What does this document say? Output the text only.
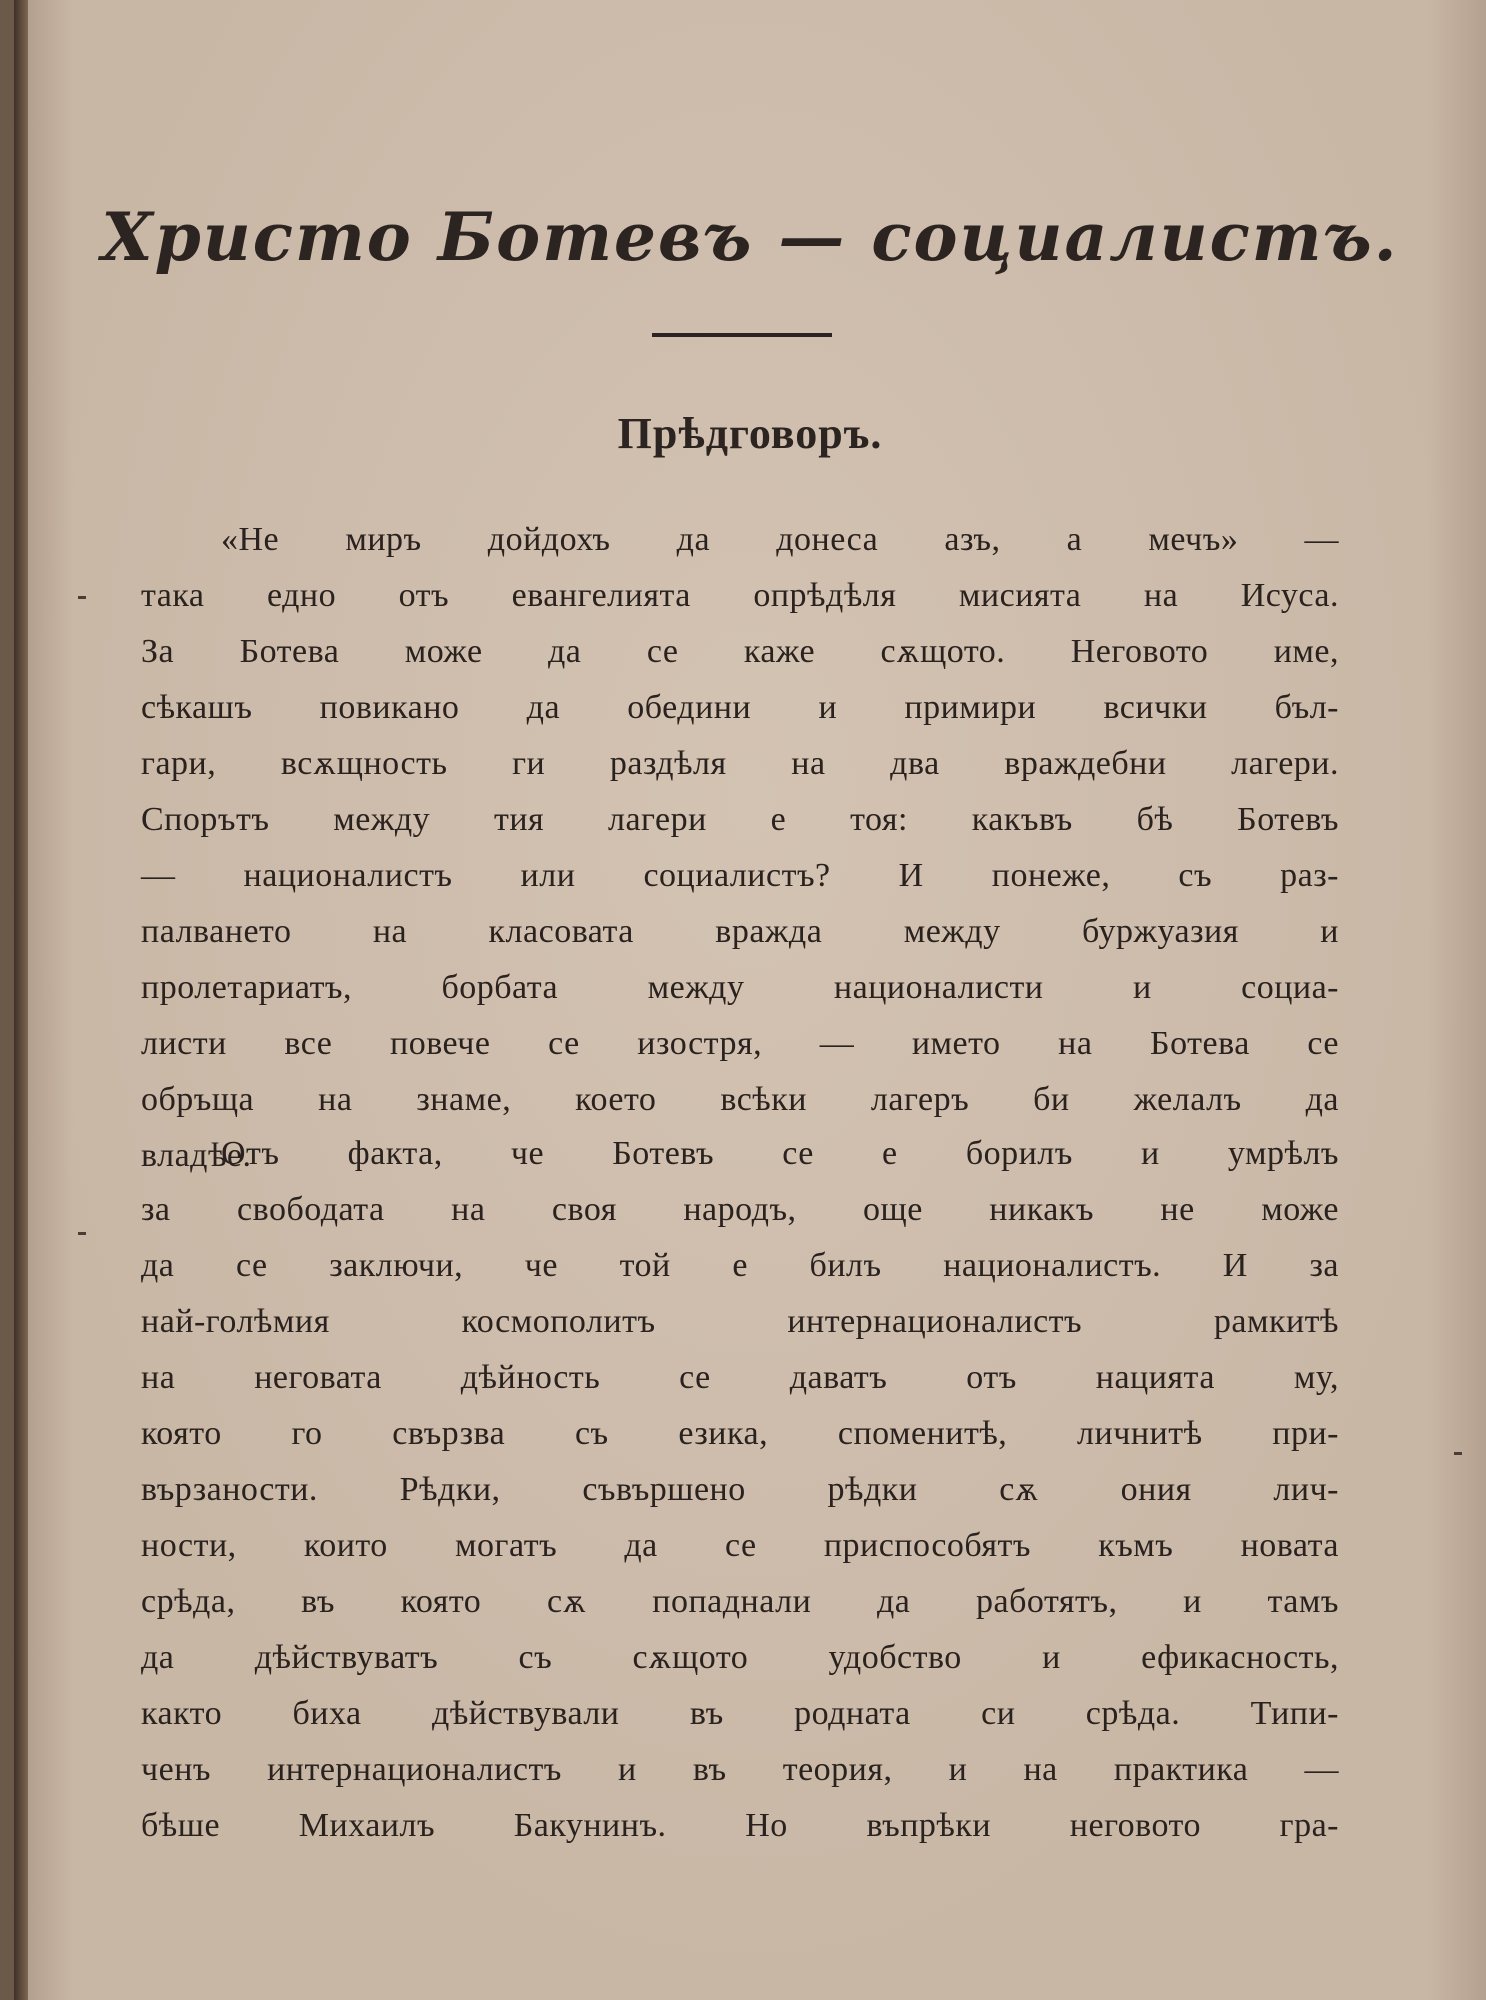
Христо Ботевъ — социалистъ.
Прѣдговоръ.
«Не миръ дойдохъ да донеса азъ, а мечъ» —
така едно отъ евангелията опрѣдѣля мисията на Исуса.
За Ботева може да се каже сѫщото. Неговото име,
сѣкашъ повикано да обедини и примири всички бъл-
гари, всѫщность ги раздѣля на два враждебни лагери.
Спорътъ между тия лагери е тоя: какъвъ бѣ Ботевъ
— националистъ или социалистъ? И понеже, съ раз-
палването на класовата вражда между буржуазия и
пролетариатъ, борбата между националисти и социа-
листи все повече се изостря, — името на Ботева се
обръща на знаме, което всѣки лагеръ би желалъ да
владѣе.
Отъ факта, че Ботевъ се е борилъ и умрѣлъ
за свободата на своя народъ, още никакъ не може
да се заключи, че той е билъ националистъ. И за
най-голѣмия космополитъ интернационалистъ рамкитѣ
на неговата дѣйность се даватъ отъ нацията му,
която го свързва съ езика, споменитѣ, личнитѣ при-
вързаности. Рѣдки, съвършено рѣдки сѫ ония лич-
ности, които могатъ да се приспособятъ къмъ новата
срѣда, въ която сѫ попаднали да работятъ, и тамъ
да дѣйствуватъ съ сѫщото удобство и ефикасность,
както биха дѣйствували въ родната си срѣда. Типи-
ченъ интернационалистъ и въ теория, и на практика —
бѣше Михаилъ Бакунинъ. Но въпрѣки неговото гра-
